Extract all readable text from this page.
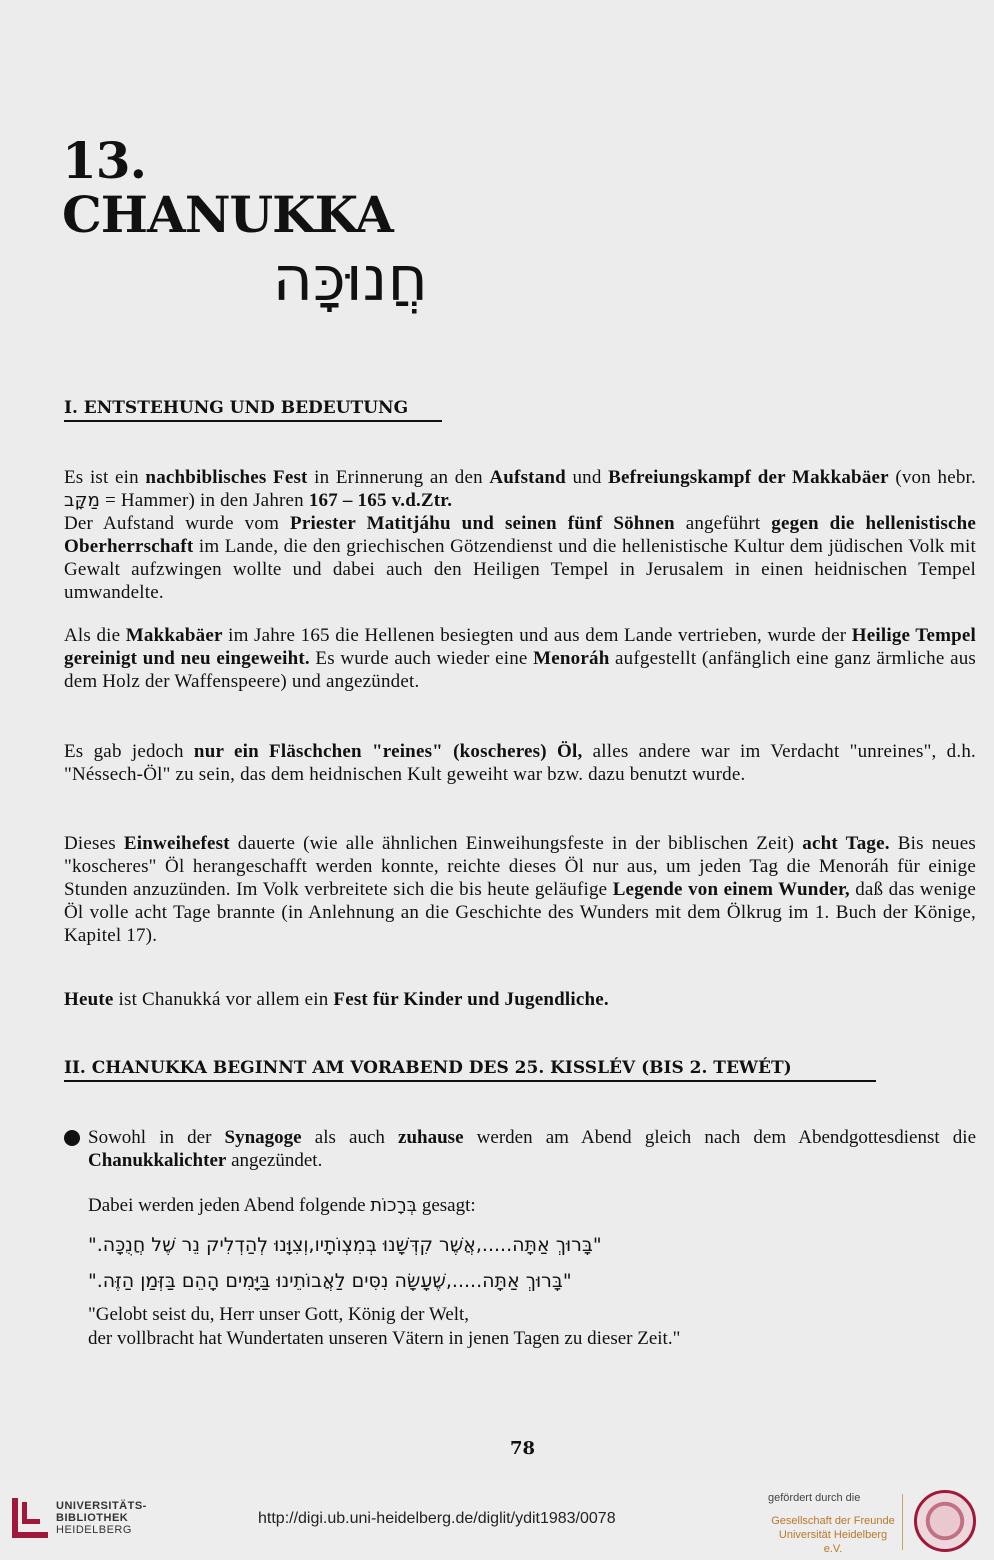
13.
CHANUKKA
חֲנוּכָּה
I. ENTSTEHUNG UND BEDEUTUNG
Es ist ein nachbiblisches Fest in Erinnerung an den Aufstand und Befreiungskampf der Makkabäer (von hebr. מַקָּב = Hammer) in den Jahren 167 – 165 v.d.Ztr.
Der Aufstand wurde vom Priester Matitjáhu und seinen fünf Söhnen angeführt gegen die hellenistische Oberherrschaft im Lande, die den griechischen Götzendienst und die hellenistische Kultur dem jüdischen Volk mit Gewalt aufzwingen wollte und dabei auch den Heiligen Tempel in Jerusalem in einen heidnischen Tempel umwandelte.
Als die Makkabäer im Jahre 165 die Hellenen besiegten und aus dem Lande vertrieben, wurde der Heilige Tempel gereinigt und neu eingeweiht. Es wurde auch wieder eine Menoráh aufgestellt (anfänglich eine ganz ärmliche aus dem Holz der Waffenspeere) und angezündet.
Es gab jedoch nur ein Fläschchen "reines" (koscheres) Öl, alles andere war im Verdacht "unreines", d.h. "Néssech-Öl" zu sein, das dem heidnischen Kult geweiht war bzw. dazu benutzt wurde.
Dieses Einweihefest dauerte (wie alle ähnlichen Einweihungsfeste in der biblischen Zeit) acht Tage. Bis neues "koscheres" Öl herangeschafft werden konnte, reichte dieses Öl nur aus, um jeden Tag die Menoráh für einige Stunden anzuzünden. Im Volk verbreitete sich die bis heute geläufige Legende von einem Wunder, daß das wenige Öl volle acht Tage brannte (in Anlehnung an die Geschichte des Wunders mit dem Ölkrug im 1. Buch der Könige, Kapitel 17).
Heute ist Chanukká vor allem ein Fest für Kinder und Jugendliche.
II. CHANUKKA BEGINNT AM VORABEND DES 25. KISSLÉV (BIS 2. TEWÉT)
Sowohl in der Synagoge als auch zuhause werden am Abend gleich nach dem Abendgottesdienst die Chanukkalichter angezündet.
Dabei werden jeden Abend folgende בְּרָכוֹת gesagt:
"בָּרוּךְ אַתָּה.....,אֲשֶׁר קִדְּשָׁנוּ בְּמִצְוֹתָיו,וְצִוָּנוּ לְהַדְלִיק נֵר שֶׁל חֲנֻכָּה."
"בָּרוּךְ אַתָּה.....,שֶׁעָשָׂה נִסִּים לַאֲבוֹתֵינוּ בַּיָּמִים הָהֵם בַּזְּמַן הַזֶּה."
"Gelobt seist du, Herr unser Gott, König der Welt,
der vollbracht hat Wundertaten unseren Vätern in jenen Tagen zu dieser Zeit."
78
UNIVERSITÄTS-
BIBLIOTHEK
HEIDELBERG
http://digi.ub.uni-heidelberg.de/diglit/ydit1983/0078
gefördert durch die
Gesellschaft der Freunde
Universität Heidelberg e.V.
